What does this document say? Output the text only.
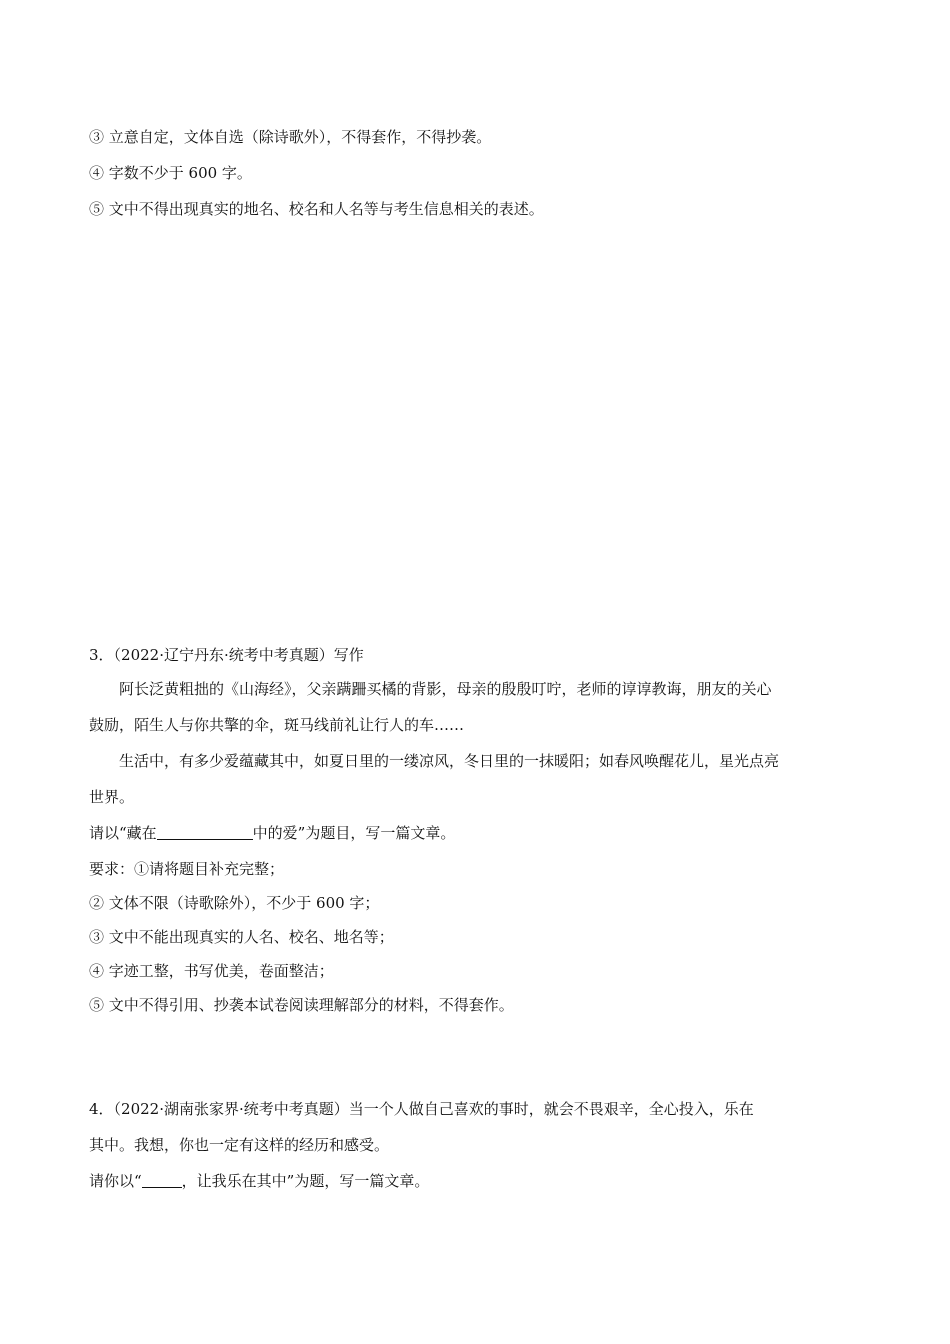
③ 立意自定，文体自选（除诗歌外），不得套作，不得抄袭。
④ 字数不少于 600 字。
⑤ 文中不得出现真实的地名、校名和人名等与考生信息相关的表述。
3．（2022·辽宁丹东·统考中考真题）写作
阿长泛黄粗拙的《山海经》，父亲蹒跚买橘的背影，母亲的殷殷叮咛，老师的谆谆教诲，朋友的关心
鼓励，陌生人与你共擎的伞，斑马线前礼让行人的车……
生活中，有多少爱蕴藏其中，如夏日里的一缕凉风，冬日里的一抹暖阳；如春风唤醒花儿，星光点亮
世界。
请以“藏在	中的爱”为题目，写一篇文章。
要求：①请将题目补充完整；
② 文体不限（诗歌除外），不少于 600 字；
③ 文中不能出现真实的人名、校名、地名等；
④ 字迹工整，书写优美，卷面整洁；
⑤ 文中不得引用、抄袭本试卷阅读理解部分的材料，不得套作。
4．（2022·湖南张家界·统考中考真题）当一个人做自己喜欢的事时，就会不畏艰辛，全心投入，乐在
其中。我想，你也一定有这样的经历和感受。
请你以“	，让我乐在其中”为题，写一篇文章。
